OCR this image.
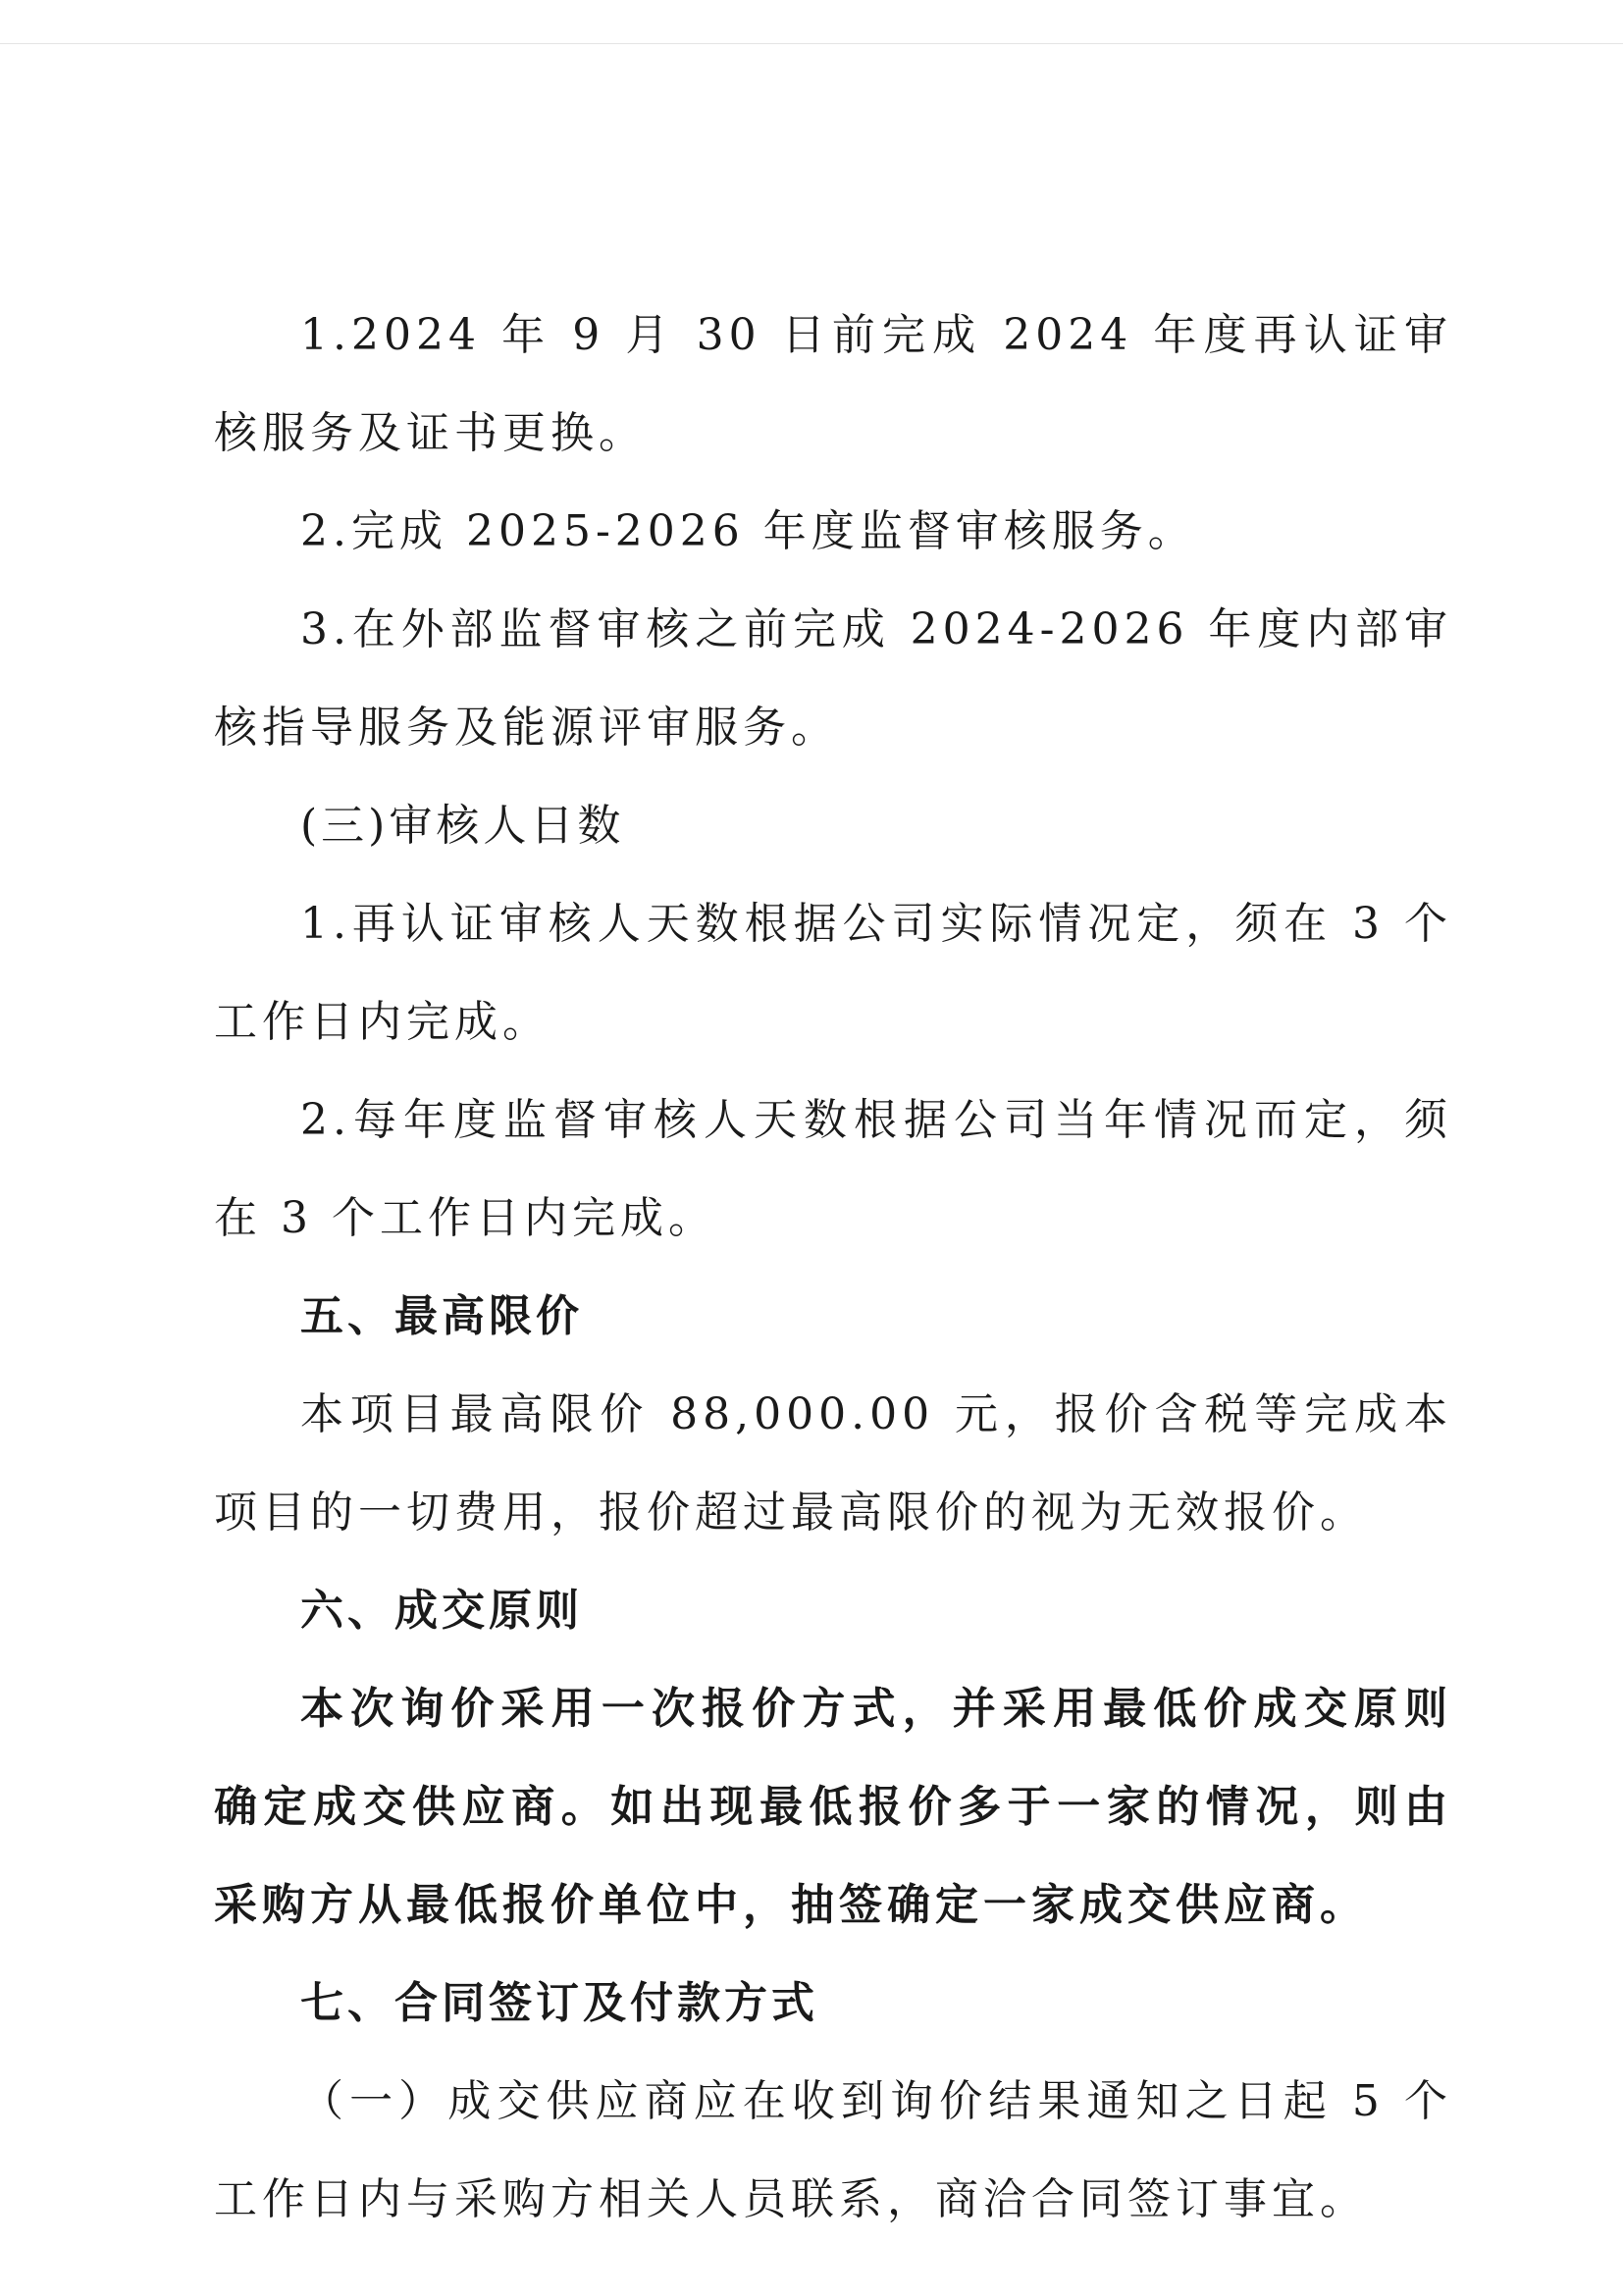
1.2024 年 9 月 30 日前完成 2024 年度再认证审核服务及证书更换。

2.完成 2025-2026 年度监督审核服务。

3.在外部监督审核之前完成 2024-2026 年度内部审核指导服务及能源评审服务。

(三)审核人日数

1.再认证审核人天数根据公司实际情况定，须在 3 个工作日内完成。

2.每年度监督审核人天数根据公司当年情况而定，须在 3 个工作日内完成。

五、最高限价

本项目最高限价 88,000.00 元，报价含税等完成本项目的一切费用，报价超过最高限价的视为无效报价。

六、成交原则

本次询价采用一次报价方式，并采用最低价成交原则确定成交供应商。如出现最低报价多于一家的情况，则由采购方从最低报价单位中，抽签确定一家成交供应商。

七、合同签订及付款方式

（一）成交供应商应在收到询价结果通知之日起 5 个工作日内与采购方相关人员联系，商洽合同签订事宜。
